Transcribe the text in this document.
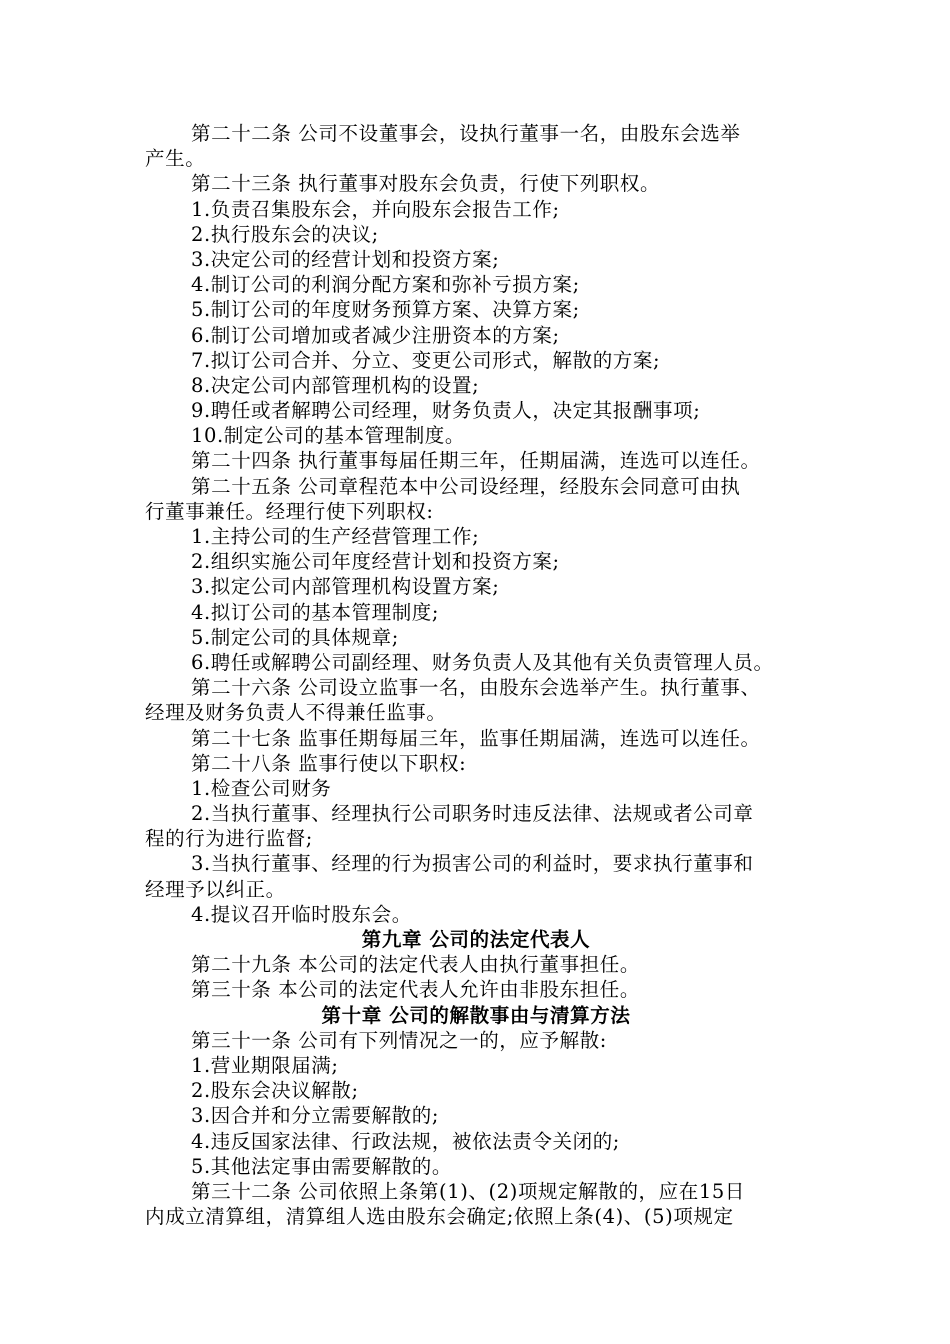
第二十二条 公司不设董事会，设执行董事一名，由股东会选举
产生。
第二十三条 执行董事对股东会负责，行使下列职权。
1.负责召集股东会，并向股东会报告工作;
2.执行股东会的决议;
3.决定公司的经营计划和投资方案;
4.制订公司的利润分配方案和弥补亏损方案;
5.制订公司的年度财务预算方案、决算方案;
6.制订公司增加或者减少注册资本的方案;
7.拟订公司合并、分立、变更公司形式，解散的方案;
8.决定公司内部管理机构的设置;
9.聘任或者解聘公司经理，财务负责人，决定其报酬事项;
10.制定公司的基本管理制度。
第二十四条 执行董事每届任期三年，任期届满，连选可以连任。
第二十五条 公司章程范本中公司设经理，经股东会同意可由执
行董事兼任。经理行使下列职权:
1.主持公司的生产经营管理工作;
2.组织实施公司年度经营计划和投资方案;
3.拟定公司内部管理机构设置方案;
4.拟订公司的基本管理制度;
5.制定公司的具体规章;
6.聘任或解聘公司副经理、财务负责人及其他有关负责管理人员。
第二十六条 公司设立监事一名，由股东会选举产生。执行董事、
经理及财务负责人不得兼任监事。
第二十七条 监事任期每届三年，监事任期届满，连选可以连任。
第二十八条 监事行使以下职权:
1.检查公司财务
2.当执行董事、经理执行公司职务时违反法律、法规或者公司章
程的行为进行监督;
3.当执行董事、经理的行为损害公司的利益时，要求执行董事和
经理予以纠正。
4.提议召开临时股东会。
第九章 公司的法定代表人
第二十九条 本公司的法定代表人由执行董事担任。
第三十条 本公司的法定代表人允许由非股东担任。
第十章 公司的解散事由与清算方法
第三十一条 公司有下列情况之一的，应予解散:
1.营业期限届满;
2.股东会决议解散;
3.因合并和分立需要解散的;
4.违反国家法律、行政法规，被依法责令关闭的;
5.其他法定事由需要解散的。
第三十二条 公司依照上条第(1)、(2)项规定解散的，应在15日
内成立清算组，清算组人选由股东会确定;依照上条(4)、(5)项规定
